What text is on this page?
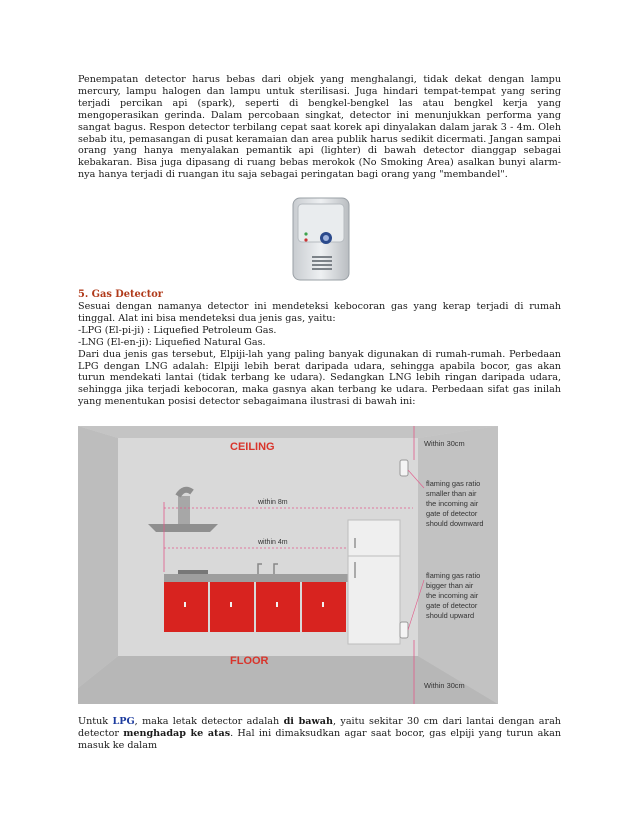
Penempatan detector harus bebas dari objek yang menghalangi, tidak dekat dengan lampu mercury, lampu halogen dan lampu untuk sterilisasi. Juga hindari tempat-tempat yang sering terjadi percikan api (spark), seperti di bengkel-bengkel las atau bengkel kerja yang mengoperasikan gerinda. Dalam percobaan singkat, detector ini menunjukkan performa yang sangat bagus. Respon detector terbilang cepat saat korek api dinyalakan dalam jarak 3 - 4m. Oleh sebab itu, pemasangan di pusat keramaian dan area publik harus sedikit dicermati. Jangan sampai orang yang hanya menyalakan pemantik api (lighter) di bawah detector dianggap sebagai kebakaran. Bisa juga dipasang di ruang bebas merokok (No Smoking Area) asalkan bunyi alarm-nya hanya terjadi di ruangan itu saja sebagai peringatan bagi orang yang "membandel".

5. Gas Detector
Sesuai dengan namanya detector ini mendeteksi kebocoran gas yang kerap terjadi di rumah tinggal. Alat ini bisa mendeteksi dua jenis gas, yaitu:
-LPG (El-pi-ji) : Liquefied Petroleum Gas.
-LNG (El-en-ji): Liquefied Natural Gas.
Dari dua jenis gas tersebut, Elpiji-lah yang paling banyak digunakan di rumah-rumah. Perbedaan LPG dengan LNG adalah: Elpiji lebih berat daripada udara, sehingga apabila bocor, gas akan turun mendekati lantai (tidak terbang ke udara). Sedangkan LNG lebih ringan daripada udara, sehingga jika terjadi kebocoran, maka gasnya akan terbang ke udara. Perbedaan sifat gas inilah yang menentukan posisi detector sebagaimana ilustrasi di bawah ini:
CEILING
FLOOR
within 8m
within 4m
Within 30cm
Within 30cm
flaming gas ratio
smaller than air
the incoming air
gate of detector
should downward
flaming gas ratio
bigger than air
the incoming air
gate of detector
should upward

Untuk LPG, maka letak detector adalah di bawah, yaitu sekitar 30 cm dari lantai dengan arah detector menghadap ke atas. Hal ini dimaksudkan agar saat bocor, gas elpiji yang turun akan masuk ke dalam
